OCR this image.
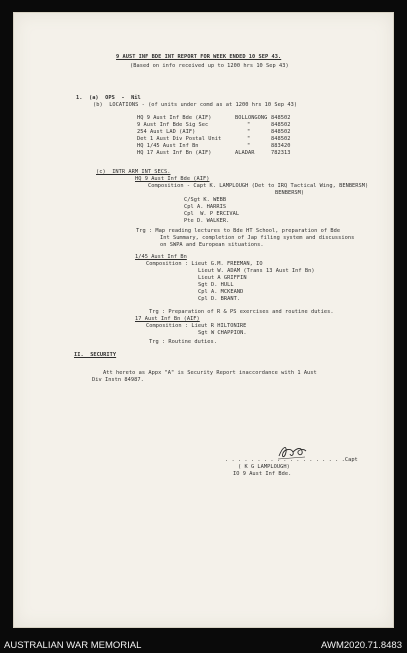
9 AUST INF BDE INT REPORT FOR WEEK ENDED 10 SEP 43.
(Based on info received up to 1200 hrs 10 Sep 43)
1.  (a)  OPS  -  Nil
(b)  LOCATIONS - (of units under comd as at 1200 hrs 10 Sep 43)
HQ 9 Aust Inf Bde (AIF)	BOLLONGONG 848502
9 Aust Inf Bde Sig Sec	"	848502
254 Aust LAD (AIF)	"	848502
Det 1 Aust Div Postal Unit	"	848502
HQ 1/45 Aust Inf Bn	"	883420
HQ 17 Aust Inf Bn (AIF)	ALADAR	782313
(c)  INTR ARM INT SECS.
HQ 9 Aust Inf Bde (AIF)
Composition - Capt K. LAMPLOUGH (Det to IRQ Tactical Wing, BENBERSM)
BENBERSM)
C/Sgt K. WEBB
Cpl A. HARRIS
Cpl  W. P ERCIVAL
Pte D. WALKER.
Trg : Map reading lectures to Bde HT School, preparation of Bde
Int Summary, completion of Jap filing system and discussions
on SWPA and European situations.
1/45 Aust Inf Bn
Composition : Lieut G.M. FREEMAN, IO
Lieut W. ADAM (Trans 13 Aust Inf Bn)
Lieut A GRIFFIN
Sgt D. HULL
Cpl A. MCKEAND
Cpl D. BRANT.
Trg : Preparation of R & PS exercises and routine duties.
17 Aust Inf Bn (AIF)
Composition : Lieut R HILTONIRE
Sgt W CHAPPION.
Trg : Routine duties.
II.  SECURITY
Att hereto as Appx "A" is Security Report inaccordance with 1 Aust
Div Instn 84987.
. . . . . . . . . . . . . . . . . . .Capt
( K G LAMPLOUGH)
IO 9 Aust Inf Bde.
AUSTRALIAN WAR MEMORIAL	AWM2020.71.8483
